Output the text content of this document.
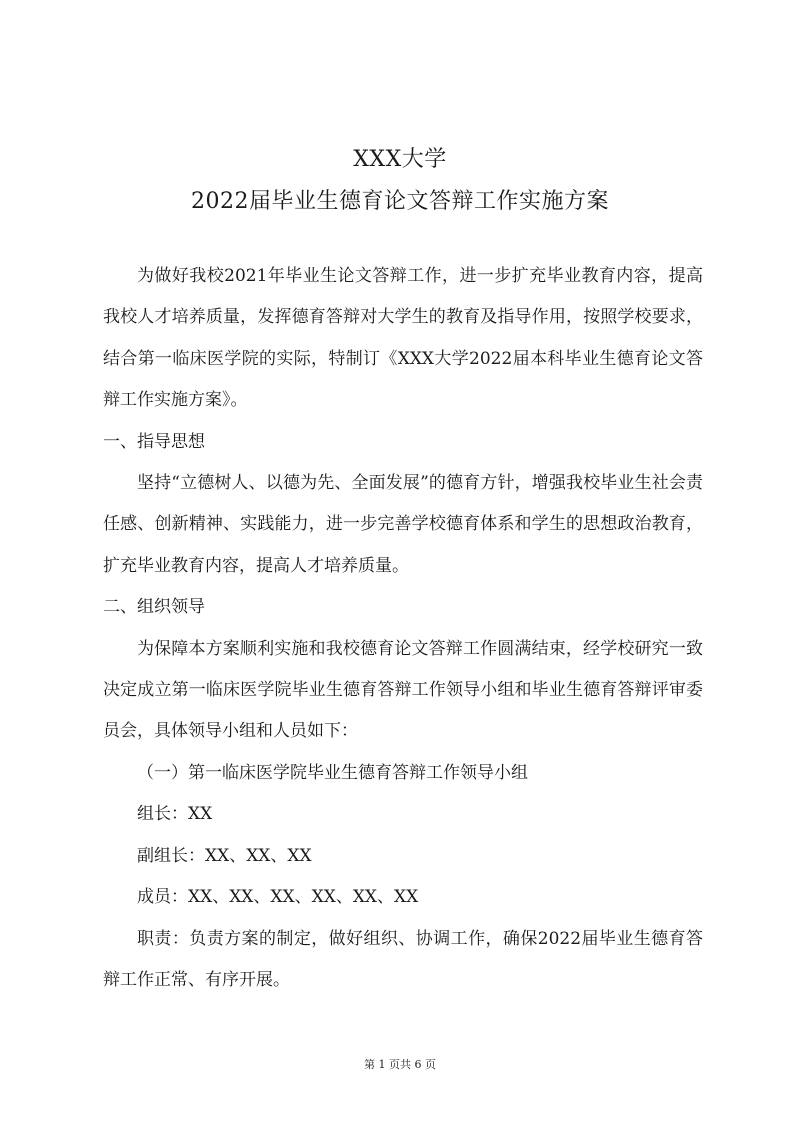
XXX大学
2022届毕业生德育论文答辩工作实施方案

为做好我校2021年毕业生论文答辩工作，进一步扩充毕业教育内容，提高我校人才培养质量，发挥德育答辩对大学生的教育及指导作用，按照学校要求，结合第一临床医学院的实际，特制订《XXX大学2022届本科毕业生德育论文答辩工作实施方案》。

一、指导思想

坚持“立德树人、以德为先、全面发展”的德育方针，增强我校毕业生社会责任感、创新精神、实践能力，进一步完善学校德育体系和学生的思想政治教育，扩充毕业教育内容，提高人才培养质量。

二、组织领导

为保障本方案顺利实施和我校德育论文答辩工作圆满结束，经学校研究一致决定成立第一临床医学院毕业生德育答辩工作领导小组和毕业生德育答辩评审委员会，具体领导小组和人员如下：

（一）第一临床医学院毕业生德育答辩工作领导小组

组长：XX

副组长：XX、XX、XX

成员：XX、XX、XX、XX、XX、XX

职责：负责方案的制定，做好组织、协调工作，确保2022届毕业生德育答辩工作正常、有序开展。

第 1 页共 6 页
